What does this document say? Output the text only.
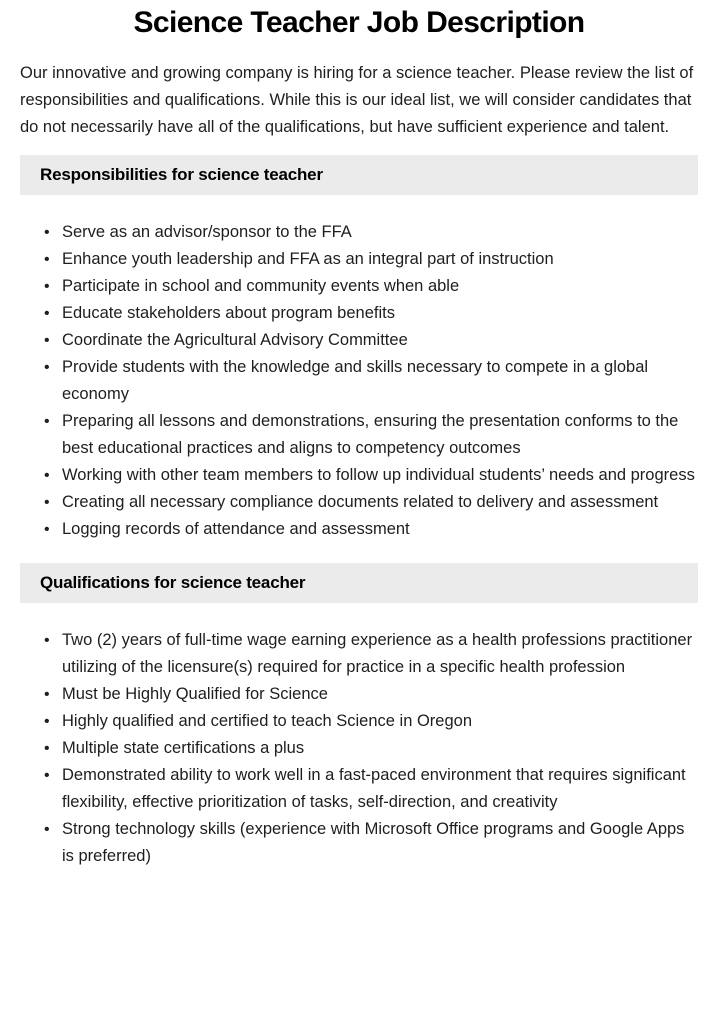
Science Teacher Job Description

Our innovative and growing company is hiring for a science teacher. Please review the list of responsibilities and qualifications. While this is our ideal list, we will consider candidates that do not necessarily have all of the qualifications, but have sufficient experience and talent.

Responsibilities for science teacher
• Serve as an advisor/sponsor to the FFA
• Enhance youth leadership and FFA as an integral part of instruction
• Participate in school and community events when able
• Educate stakeholders about program benefits
• Coordinate the Agricultural Advisory Committee
• Provide students with the knowledge and skills necessary to compete in a global economy
• Preparing all lessons and demonstrations, ensuring the presentation conforms to the best educational practices and aligns to competency outcomes
• Working with other team members to follow up individual students’ needs and progress
• Creating all necessary compliance documents related to delivery and assessment
• Logging records of attendance and assessment
Qualifications for science teacher
• Two (2) years of full-time wage earning experience as a health professions practitioner utilizing of the licensure(s) required for practice in a specific health profession
• Must be Highly Qualified for Science
• Highly qualified and certified to teach Science in Oregon
• Multiple state certifications a plus
• Demonstrated ability to work well in a fast-paced environment that requires significant flexibility, effective prioritization of tasks, self-direction, and creativity
• Strong technology skills (experience with Microsoft Office programs and Google Apps is preferred)
